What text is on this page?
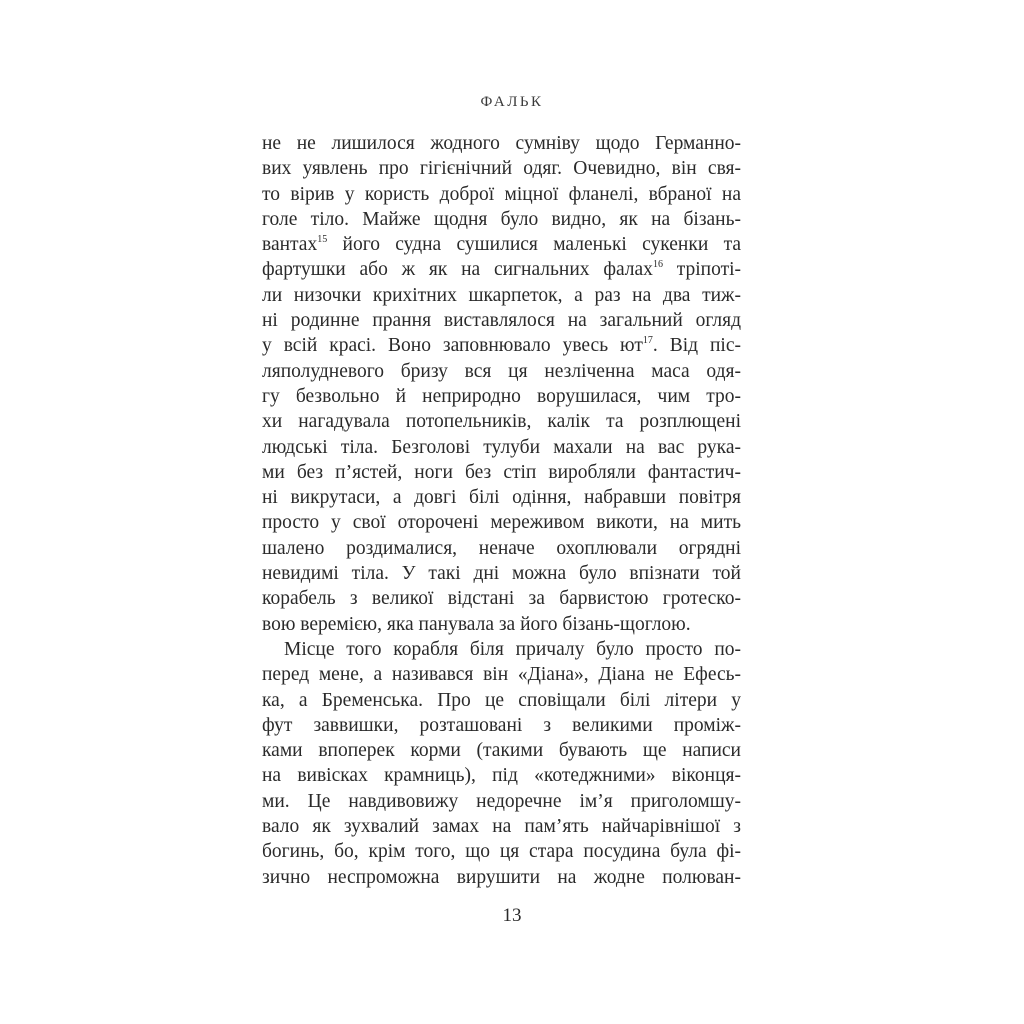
ФАЛЬК
не не лишилося жодного сумніву щодо Германно-
вих уявлень про гігієнічний одяг. Очевидно, він свя-
то вірив у користь доброї міцної фланелі, вбраної на
голе тіло. Майже щодня було видно, як на бізань-
вантах$^{15}$ його судна сушилися маленькі сукенки та
фартушки або ж як на сигнальних фалах$^{16}$ тріпоті-
ли низочки крихітних шкарпеток, а раз на два тиж-
ні родинне прання виставлялося на загальний огляд
у всій красі. Воно заповнювало увесь $ют^{17}$. Від піс-
ляполудневого бризу вся ця незліченна маса одя-
гу безвольно й неприродно ворушилася, чим тро-
хи нагадувала потопельників, калік та розплющені
людські тіла. Безголові тулуби махали на вас рука-
ми без п’ястей, ноги без стіп виробляли фантастич-
ні викрутаси, а довгі білі одіння, набравши повітря
просто у свої оторочені мереживом викоти, на мить
шалено роздималися, неначе охоплювали огрядні
невидимі тіла. У такі дні можна було впізнати той
корабель з великої відстані за барвистою гротеско-
вою веремією, яка панувала за його бізань-щоглою.
Місце того корабля біля причалу було просто по-
перед мене, а називався він «Діана», Діана не Ефесь-
ка, а Бременська. Про це сповіщали білі літери у
фут заввишки, розташовані з великими проміж-
ками впоперек корми (такими бувають ще написи
на вивісках крамниць), під «котеджними» віконця-
ми. Це навдивовижу недоречне ім’я приголомшу-
вало як зухвалий замах на пам’ять найчарівнішої з
богинь, бо, крім того, що ця стара посудина була фі-
зично неспроможна вирушити на жодне полюван-
13
